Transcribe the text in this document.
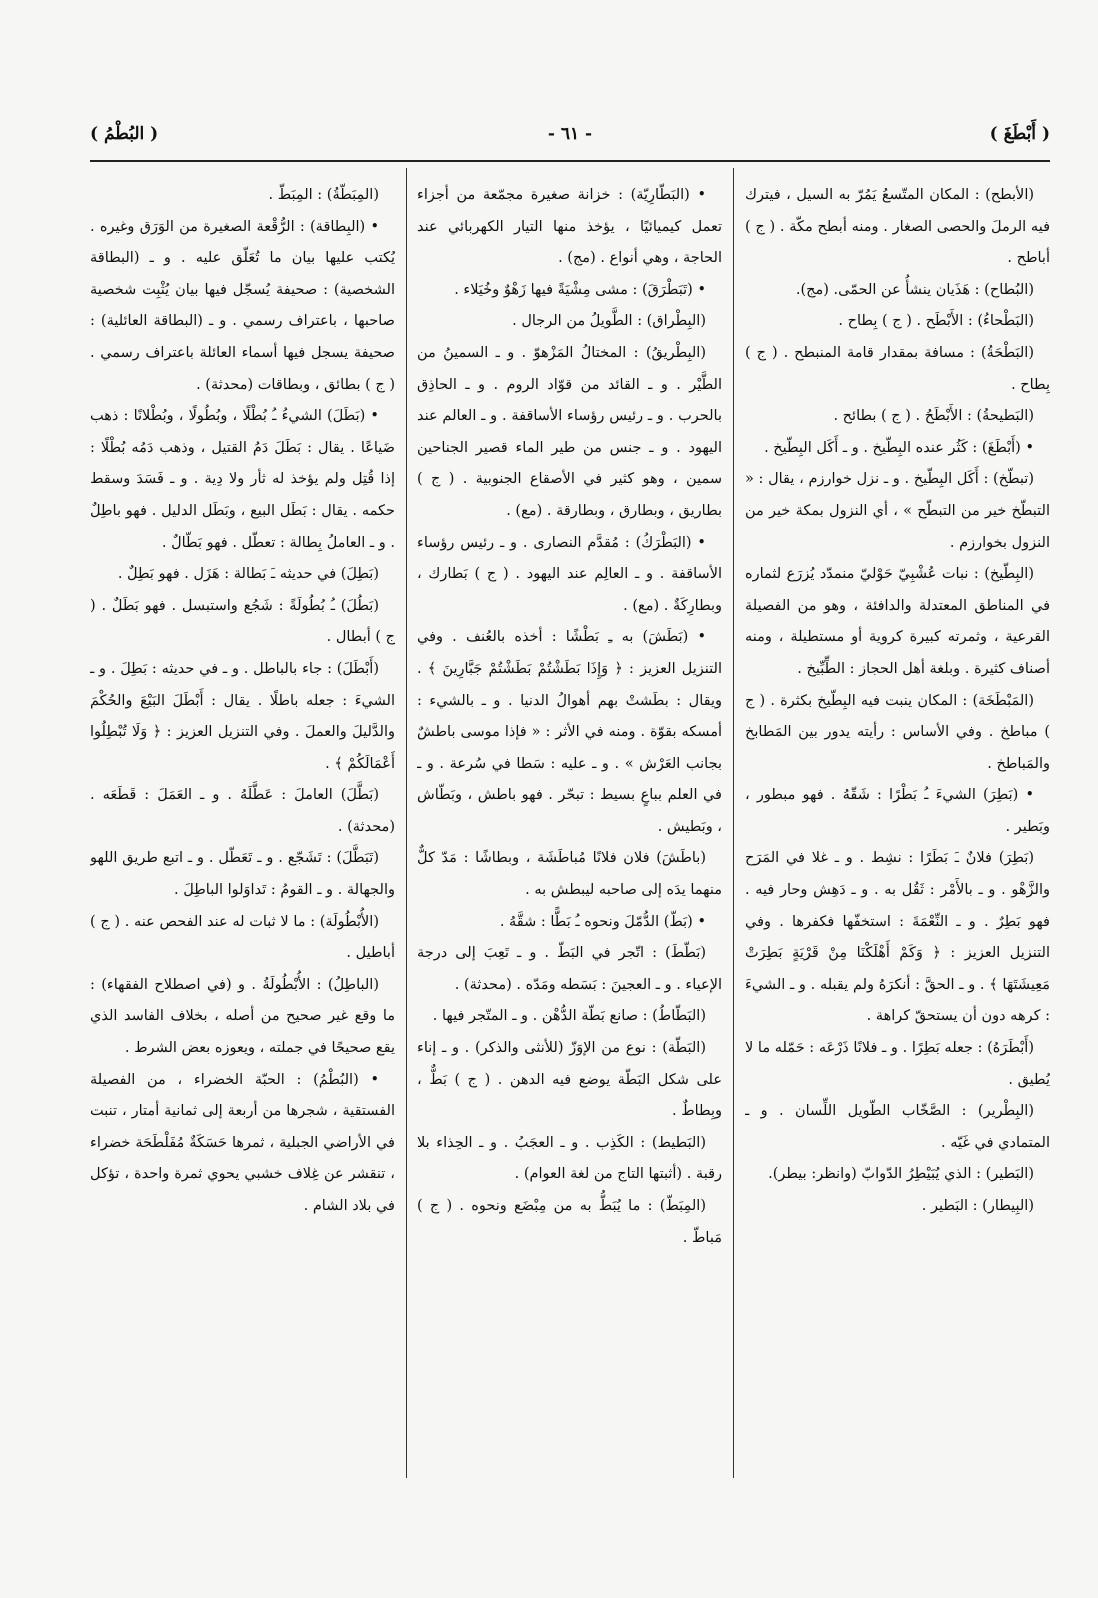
( أَبْطَغَ )
- ٦١ -
( البُطْمُ )

(الأبطح) : المكان المتّسعُ يَمُرّ به السيل ، فيترك فيه الرملَ والحصى الصغار . ومنه أبطح مكّة . ( ج ) أباطح .

(البُطاح) : هَذَيان ينشأُ عن الحمّى. (مج).

(البَطْحاءُ) : الأَبْطَح . ( ج ) بِطاح .

(البَطْحَةُ) : مسافة بمقدار قامة المنبطح . ( ج ) بِطاح .

(البَطيحةُ) : الأَبْطَحُ . ( ج ) بطائح .

• (أَبْطَغَ) : كَثُر عنده البِطّيخ . و ـ أَكَل البِطّيخ .

(تبطّخ) : أَكَل البِطّيخ . و ـ نزل خوارزم ، يقال : « التبطّخ خير من التبطّح » ، أي النزول بمكة خير من النزول بخوارزم .

(البِطّيخ) : نبات عُشْبِيّ حَوْليّ منمدّد يُزرَع لثماره في المناطق المعتدلة والدافئة ، وهو من الفصيلة القرعية ، وثمرته كبيرة كروية أو مستطيلة ، ومنه أصناف كثيرة . وبلغة أهل الحجاز : الطِّبِّيخ .

(المَبْطَخَة) : المكان ينبت فيه البِطّيخ بكثرة . ( ج ) مباطخ . وفي الأساس : رأيته يدور بين المَطابخ والمَباطخ .

• (بَطِرَ) الشيءَ ـُ بَطْرًا : شَقّهُ . فهو مبطور ، وبَطير .

(بَطِرَ) فلانٌ ـَ بَطَرًا : نشِط . و ـ غلا في المَرَح والزَّهْو . و ـ بالأَمْر : ثَقُل به . و ـ دَهِش وحار فيه . فهو بَطِرٌ . و ـ النِّعْمَةَ : استخفّها فكفرها . وفي التنزيل العزيز : ﴿ وَكَمْ أَهْلَكْنَا مِنْ قَرْيَةٍ بَطِرَتْ مَعِيشَتَهَا ﴾ . و ـ الحقَّ : أنكرَهُ ولم يقبله . و ـ الشيءَ : كرهه دون أن يستحقّ كراهة .

(أَبْطَرَهُ) : جعله بَطِرًا . و ـ فلانًا ذَرْعَه : حَمّله ما لا يُطيق .

(البِطْرير) : الصَّخّاب الطّويل اللِّسان . و ـ المتمادي في غَيّه .

(البَطير) : الذي يُبَيْطِرُ الدّوابّ (وانظر: بيطر).

(البِيطار) : البَطير .

• (البَطّارِيّة) : خزانة صغيرة مجمّعة من أجزاء تعمل كيميائيًا ، يؤخذ منها التيار الكهربائي عند الحاجة ، وهي أنواع . (مج) .

• (تَبَطْرَقَ) : مشى مِشْيَةً فيها زَهْوٌ وخُيَلاء .

(البِطْراق) : الطَّويلُ من الرجال .

(البِطْريقُ) : المختالُ المَزْهوّ . و ـ السمينُ من الطَّيْر . و ـ القائد من قوّاد الروم . و ـ الحاذِق بالحرب . و ـ رئيس رؤساء الأساقفة . و ـ العالم عند اليهود . و ـ جنس من طير الماء قصير الجناحين سمين ، وهو كثير في الأصقاع الجنوبية . ( ج ) بطاريق ، وبطارق ، وبطارقة . (مع) .

• (البَطْرَكُ) : مُقدَّم النصارى . و ـ رئيس رؤساء الأساقفة . و ـ العالِم عند اليهود . ( ج ) بَطارك ، وبطارِكَةٌ . (مع) .

• (بَطَشَ) به ـِ بَطْشًا : أخذه بالعُنف . وفي التنزيل العزيز : ﴿ وَإِذَا بَطَشْتُمْ بَطَشْتُمْ جَبَّارِينَ ﴾ . ويقال : بطَشتْ بهم أهوالُ الدنيا . و ـ بالشيء : أمسكه بقوّة . ومنه في الأثر : « فإذا موسى باطشٌ بجانب العَرْش » . و ـ عليه : سَطا في سُرعة . و ـ في العلم بباعٍ بسيط : تبحّر . فهو باطش ، وبَطّاش ، وبَطيش .

(باطَشَ) فلان فلانًا مُباطَشَة ، وبطاشًا : مَدّ كلٌّ منهما يدَه إلى صاحبه ليبطش به .

• (بَطّ) الدُّمّلَ ونحوه ـُ بَطًّا : شقَّهُ .

(بَطّطَ) : اتّجر في البَطّ . و ـ تَعِبَ إلى درجة الإعياء . و ـ العجينَ : بَسَطه ومَدّه . (محدثة) .

(البَطّاطُ) : صانع بَطّة الدُّهْن . و ـ المتّجر فيها .

(البَطّة) : نوع من الإوَزّ (للأنثى والذكر) . و ـ إناء على شكل البَطّة يوضع فيه الدهن . ( ج ) بَطٌّ ، وبِطاطٌ .

(البَطيط) : الكَذِب . و ـ العجَبُ . و ـ الحِذاء بلا رقبة . (أثبتها التاج من لغة العوام) .

(المِبَطّ) : ما يُبَطُّ به من مِبْضَع ونحوه . ( ج ) مَباطّ .

(المِبَطّةُ) : المِبَطّ .

• (البِطاقة) : الرُّقْعة الصغيرة من الوَرَق وغيره . يُكتب عليها بيان ما تُعَلّق عليه . و ـ (البطاقة الشخصية) : صحيفة يُسجّل فيها بيان يُثْبِت شخصية صاحبها ، باعتراف رسمي . و ـ (البطاقة العائلية) : صحيفة يسجل فيها أسماء العائلة باعتراف رسمي . ( ج ) بطائق ، وبطاقات (محدثة) .

• (بَطَلَ) الشيءُ ـُ بُطْلًا ، وبُطُولًا ، وبُطْلانًا : ذهب ضَياعًا . يقال : بَطَلَ دَمُ القتيل ، وذهب دَمُه بُطْلًا : إذا قُتِل ولم يؤخذ له ثأر ولا دِية . و ـ فَسَدَ وسقط حكمه . يقال : بَطَل البيع ، وبَطَل الدليل . فهو باطِلٌ . و ـ العاملُ بِطالة : تعطّل . فهو بَطّالٌ .

(بَطِلَ) في حديثه ـَ بَطالة : هَزَل . فهو بَطِلٌ .

(بَطُلَ) ـُ بُطُولَةً : شَجُع واستبسل . فهو بَطَلٌ . ( ج ) أبطال .

(أَبْطَلَ) : جاء بالباطل . و ـ في حديثه : بَطِلَ . و ـ الشيءَ : جعله باطلًا . يقال : أَبْطَلَ البَيْعَ والحُكْمَ والدَّليلَ والعملَ . وفي التنزيل العزيز : ﴿ وَلَا تُبْطِلُوا أَعْمَالَكُمْ ﴾ .

(بَطَّلَ) العاملَ : عَطَّلَهُ . و ـ العَمَلَ : قَطَعَه . (محدثة) .

(تَبَطَّلَ) : تَشَجّع . و ـ تَعَطّل . و ـ اتبع طريق اللهو والجهالة . و ـ القومُ : تَداوَلوا الباطِلَ .

(الأُبْطُولَة) : ما لا ثبات له عند الفحص عنه . ( ج ) أباطيل .

(الباطِلُ) : الأُبْطُولَةُ . و (في اصطلاح الفقهاء) : ما وقع غير صحيح من أصله ، بخلاف الفاسد الذي يقع صحيحًا في جملته ، ويعوزه بعض الشرط .

• (البُطْمُ) : الحبّة الخضراء ، من الفصيلة الفستقية ، شجرها من أربعة إلى ثمانية أمتار ، تنبت في الأراضي الجبلية ، ثمرها حَسَكَةٌ مُفَلْطَحَة خضراء ، تنقشر عن غِلاف خشبي يحوي ثمرة واحدة ، تؤكل في بلاد الشام .
